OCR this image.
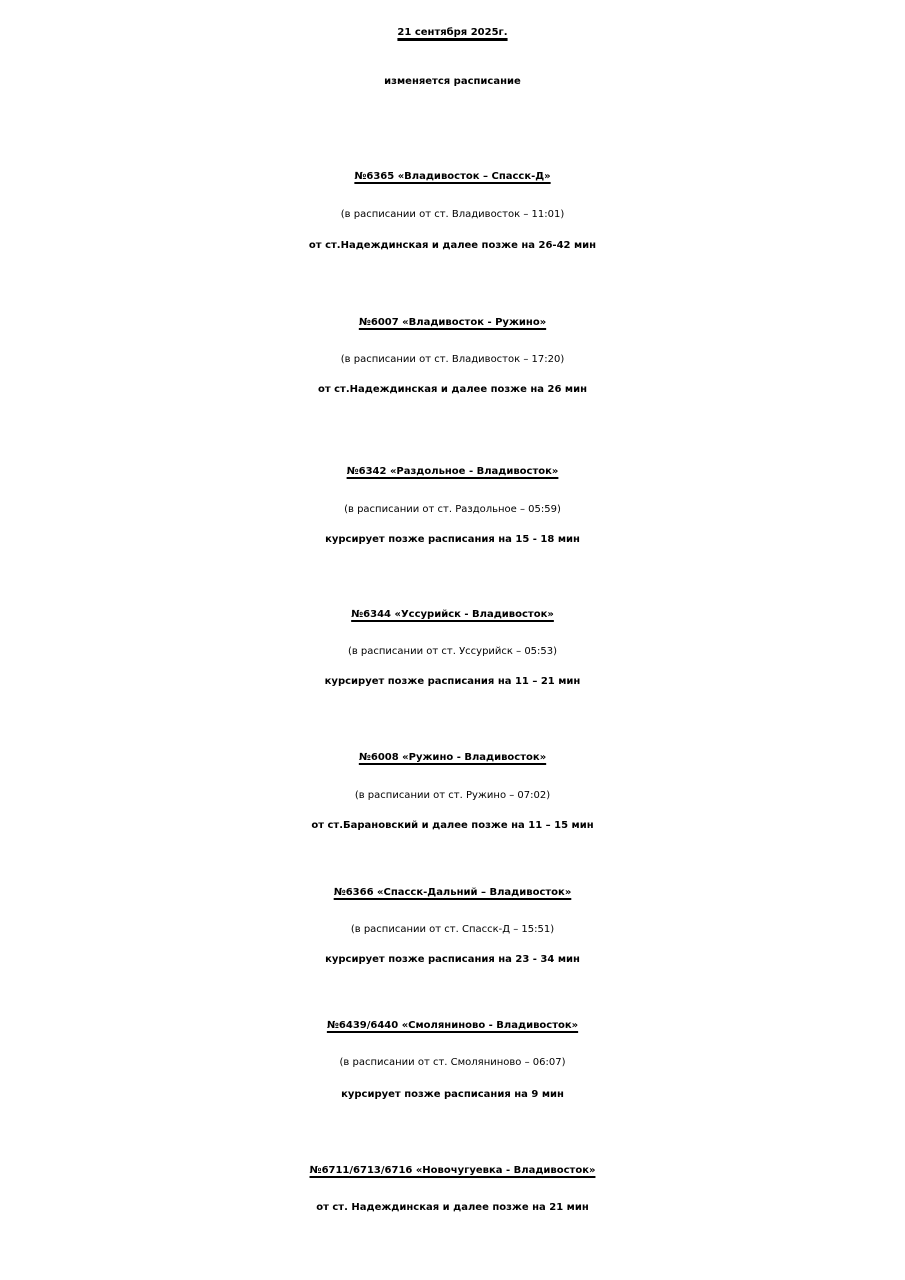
21 сентября 2025г.
изменяется расписание
№6365 «Владивосток – Спасск-Д»
(в расписании от ст. Владивосток – 11:01)
от ст.Надеждинская и далее позже на 26-42 мин
№6007 «Владивосток - Ружино»
(в расписании от ст. Владивосток – 17:20)
от ст.Надеждинская и далее позже на 26 мин
№6342 «Раздольное - Владивосток»
(в расписании от ст. Раздольное – 05:59)
курсирует позже расписания на 15 - 18 мин
№6344 «Уссурийск - Владивосток»
(в расписании от ст. Уссурийск – 05:53)
курсирует позже расписания на 11 – 21 мин
№6008 «Ружино - Владивосток»
(в расписании от ст. Ружино – 07:02)
от ст.Барановский и далее позже на 11 – 15 мин
№6366 «Спасск-Дальний – Владивосток»
(в расписании от ст. Спасск-Д – 15:51)
курсирует позже расписания на 23 - 34 мин
№6439/6440 «Смоляниново - Владивосток»
(в расписании от ст. Смоляниново – 06:07)
курсирует позже расписания на 9 мин
№6711/6713/6716 «Новочугуевка - Владивосток»
от ст. Надеждинская и далее позже на 21 мин
